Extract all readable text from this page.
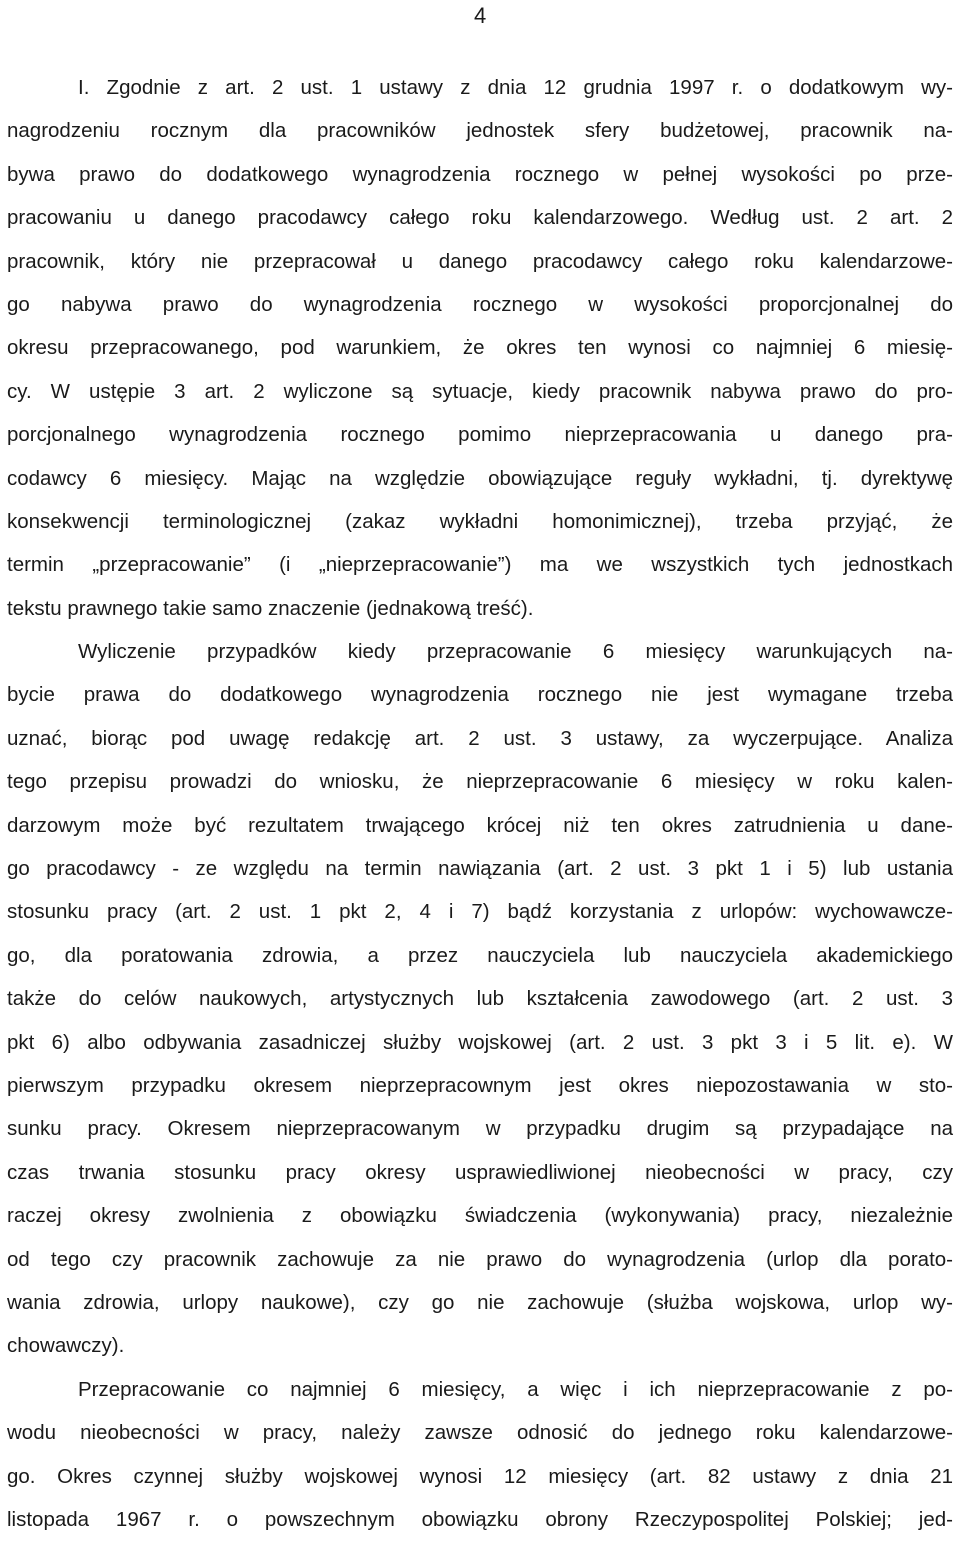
4
I. Zgodnie z art. 2 ust. 1 ustawy z dnia 12 grudnia 1997 r. o dodatkowym wy-
nagrodzeniu rocznym dla pracowników jednostek sfery budżetowej, pracownik na-
bywa prawo do dodatkowego wynagrodzenia rocznego w pełnej wysokości po prze-
pracowaniu u danego pracodawcy całego roku kalendarzowego. Według ust. 2 art. 2
pracownik, który nie przepracował u danego pracodawcy całego roku kalendarzowe-
go nabywa prawo do wynagrodzenia rocznego w wysokości proporcjonalnej do
okresu przepracowanego, pod warunkiem, że okres ten wynosi co najmniej 6 miesię-
cy. W ustępie 3 art. 2 wyliczone są sytuacje, kiedy pracownik nabywa prawo do pro-
porcjonalnego wynagrodzenia rocznego pomimo nieprzepracowania u danego pra-
codawcy 6 miesięcy. Mając na względzie obowiązujące reguły wykładni, tj. dyrektywę
konsekwencji terminologicznej (zakaz wykładni homonimicznej), trzeba przyjąć, że
termin „przepracowanie” (i „nieprzepracowanie”) ma we wszystkich tych jednostkach
tekstu prawnego takie samo znaczenie (jednakową treść).
Wyliczenie przypadków kiedy przepracowanie 6 miesięcy warunkujących na-
bycie prawa do dodatkowego wynagrodzenia rocznego nie jest wymagane trzeba
uznać, biorąc pod uwagę redakcję art. 2 ust. 3 ustawy, za wyczerpujące. Analiza
tego przepisu prowadzi do wniosku, że nieprzepracowanie 6 miesięcy w roku kalen-
darzowym może być rezultatem trwającego krócej niż ten okres zatrudnienia u dane-
go pracodawcy - ze względu na termin nawiązania (art. 2 ust. 3 pkt 1 i 5) lub ustania
stosunku pracy (art. 2 ust. 1 pkt 2, 4 i 7) bądź korzystania z urlopów: wychowawcze-
go, dla poratowania zdrowia, a przez nauczyciela lub nauczyciela akademickiego
także do celów naukowych, artystycznych lub kształcenia zawodowego (art. 2 ust. 3
pkt 6) albo odbywania zasadniczej służby wojskowej (art. 2 ust. 3 pkt 3 i 5 lit. e). W
pierwszym przypadku okresem nieprzepracownym jest okres niepozostawania w sto-
sunku pracy. Okresem nieprzepracowanym w przypadku drugim są przypadające na
czas trwania stosunku pracy okresy usprawiedliwionej nieobecności w pracy, czy
raczej okresy zwolnienia z obowiązku świadczenia (wykonywania) pracy, niezależnie
od tego czy pracownik zachowuje za nie prawo do wynagrodzenia (urlop dla porato-
wania zdrowia, urlopy naukowe), czy go nie zachowuje (służba wojskowa, urlop wy-
chowawczy).
Przepracowanie co najmniej 6 miesięcy, a więc i ich nieprzepracowanie z po-
wodu nieobecności w pracy, należy zawsze odnosić do jednego roku kalendarzowe-
go. Okres czynnej służby wojskowej wynosi 12 miesięcy (art. 82 ustawy z dnia 21
listopada 1967 r. o powszechnym obowiązku obrony Rzeczypospolitej Polskiej; jed-
